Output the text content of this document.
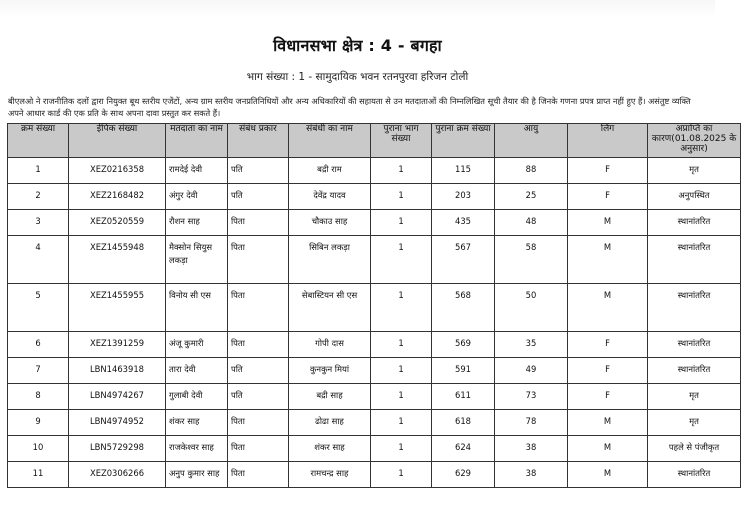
विधानसभा क्षेत्र : 4 - बगहा
भाग संख्या : 1 - सामुदायिक भवन रतनपुरवा हरिजन टोली
बीएलओ ने राजनीतिक दलों द्वारा नियुक्त बूथ स्तरीय एजेंटों, अन्य ग्राम स्तरीय जनप्रतिनिधियों और अन्य अधिकारियों की सहायता से उन मतदाताओं की निम्नलिखित सूची तैयार की है जिनके गणना प्रपत्र प्राप्त नहीं हुए हैं। असंतुष्ट व्यक्ति अपने आधार कार्ड की एक प्रति के साथ अपना दावा प्रस्तुत कर सकते हैं।
क्रम संख्या	ईपिक संख्या	मतदाता का नाम	संबंध प्रकार	संबंधी का नाम	पुराना भाग संख्या	पुराना क्रम संख्या	आयु	लिंग	अप्राप्ति का कारण(01.08.2025 के अनुसार)
1	XEZ0216358	रामदेई देवी	पति	बद्री राम	1	115	88	F	मृत
2	XEZ2168482	अंगुर देवी	पति	देवेंद्र यादव	1	203	25	F	अनुपस्थित
3	XEZ0520559	रौशन साह	पिता	चौकाउ साह	1	435	48	M	स्थानांतरित
4	XEZ1455948	मैक्सोन सियुस लकड़ा	पिता	सिबिन लकड़ा	1	567	58	M	स्थानांतरित
5	XEZ1455955	विनोय सी एस	पिता	सेबास्टियन सी एस	1	568	50	M	स्थानांतरित
6	XEZ1391259	अंजू कुमारी	पिता	गोपी दास	1	569	35	F	स्थानांतरित
7	LBN1463918	तारा देवी	पति	कुनकुन मियां	1	591	49	F	स्थानांतरित
8	LBN4974267	गुलाबी देवी	पति	बद्री साह	1	611	73	F	मृत
9	LBN4974952	शंकर साह	पिता	ढोढा साह	1	618	78	M	मृत
10	LBN5729298	राजकेश्वर साह	पिता	शंकर साह	1	624	38	M	पहले से पंजीकृत
11	XEZ0306266	अनुप कुमार साह	पिता	रामचन्द्र साह	1	629	38	M	स्थानांतरित
